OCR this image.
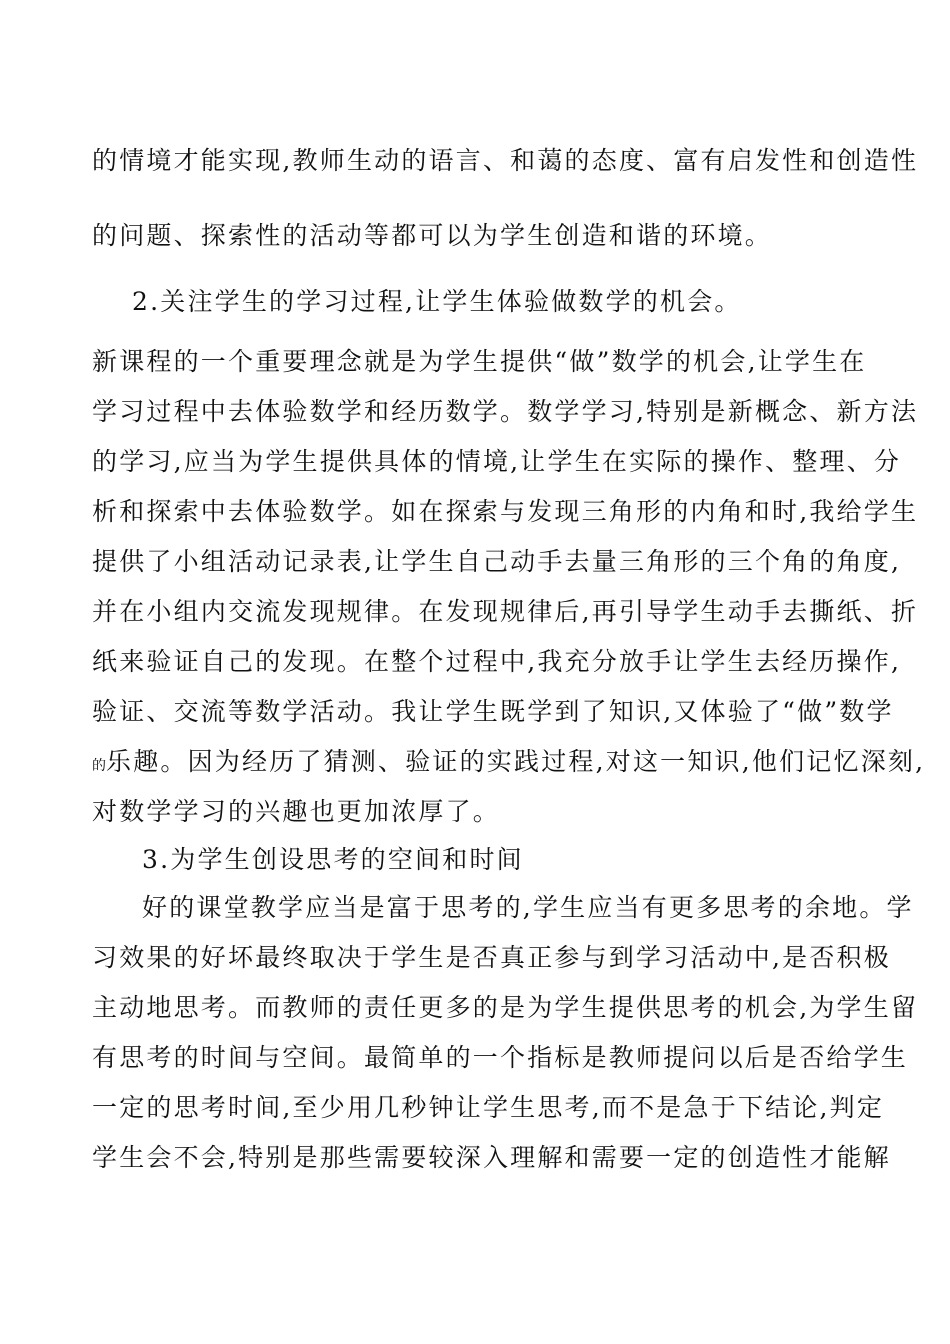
的情境才能实现,教师生动的语言、和蔼的态度、富有启发性和创造性

的问题、探索性的活动等都可以为学生创造和谐的环境。

2.关注学生的学习过程,让学生体验做数学的机会。

新课程的一个重要理念就是为学生提供“做”数学的机会,让学生在

学习过程中去体验数学和经历数学。数学学习,特别是新概念、新方法

的学习,应当为学生提供具体的情境,让学生在实际的操作、整理、分

析和探索中去体验数学。如在探索与发现三角形的内角和时,我给学生

提供了小组活动记录表,让学生自己动手去量三角形的三个角的角度,

并在小组内交流发现规律。在发现规律后,再引导学生动手去撕纸、折

纸来验证自己的发现。在整个过程中,我充分放手让学生去经历操作,

验证、交流等数学活动。我让学生既学到了知识,又体验了“做”数学

的乐趣。因为经历了猜测、验证的实践过程,对这一知识,他们记忆深刻,

对数学学习的兴趣也更加浓厚了。

3.为学生创设思考的空间和时间

好的课堂教学应当是富于思考的,学生应当有更多思考的余地。学

习效果的好坏最终取决于学生是否真正参与到学习活动中,是否积极

主动地思考。而教师的责任更多的是为学生提供思考的机会,为学生留

有思考的时间与空间。最简单的一个指标是教师提问以后是否给学生

一定的思考时间,至少用几秒钟让学生思考,而不是急于下结论,判定

学生会不会,特别是那些需要较深入理解和需要一定的创造性才能解
